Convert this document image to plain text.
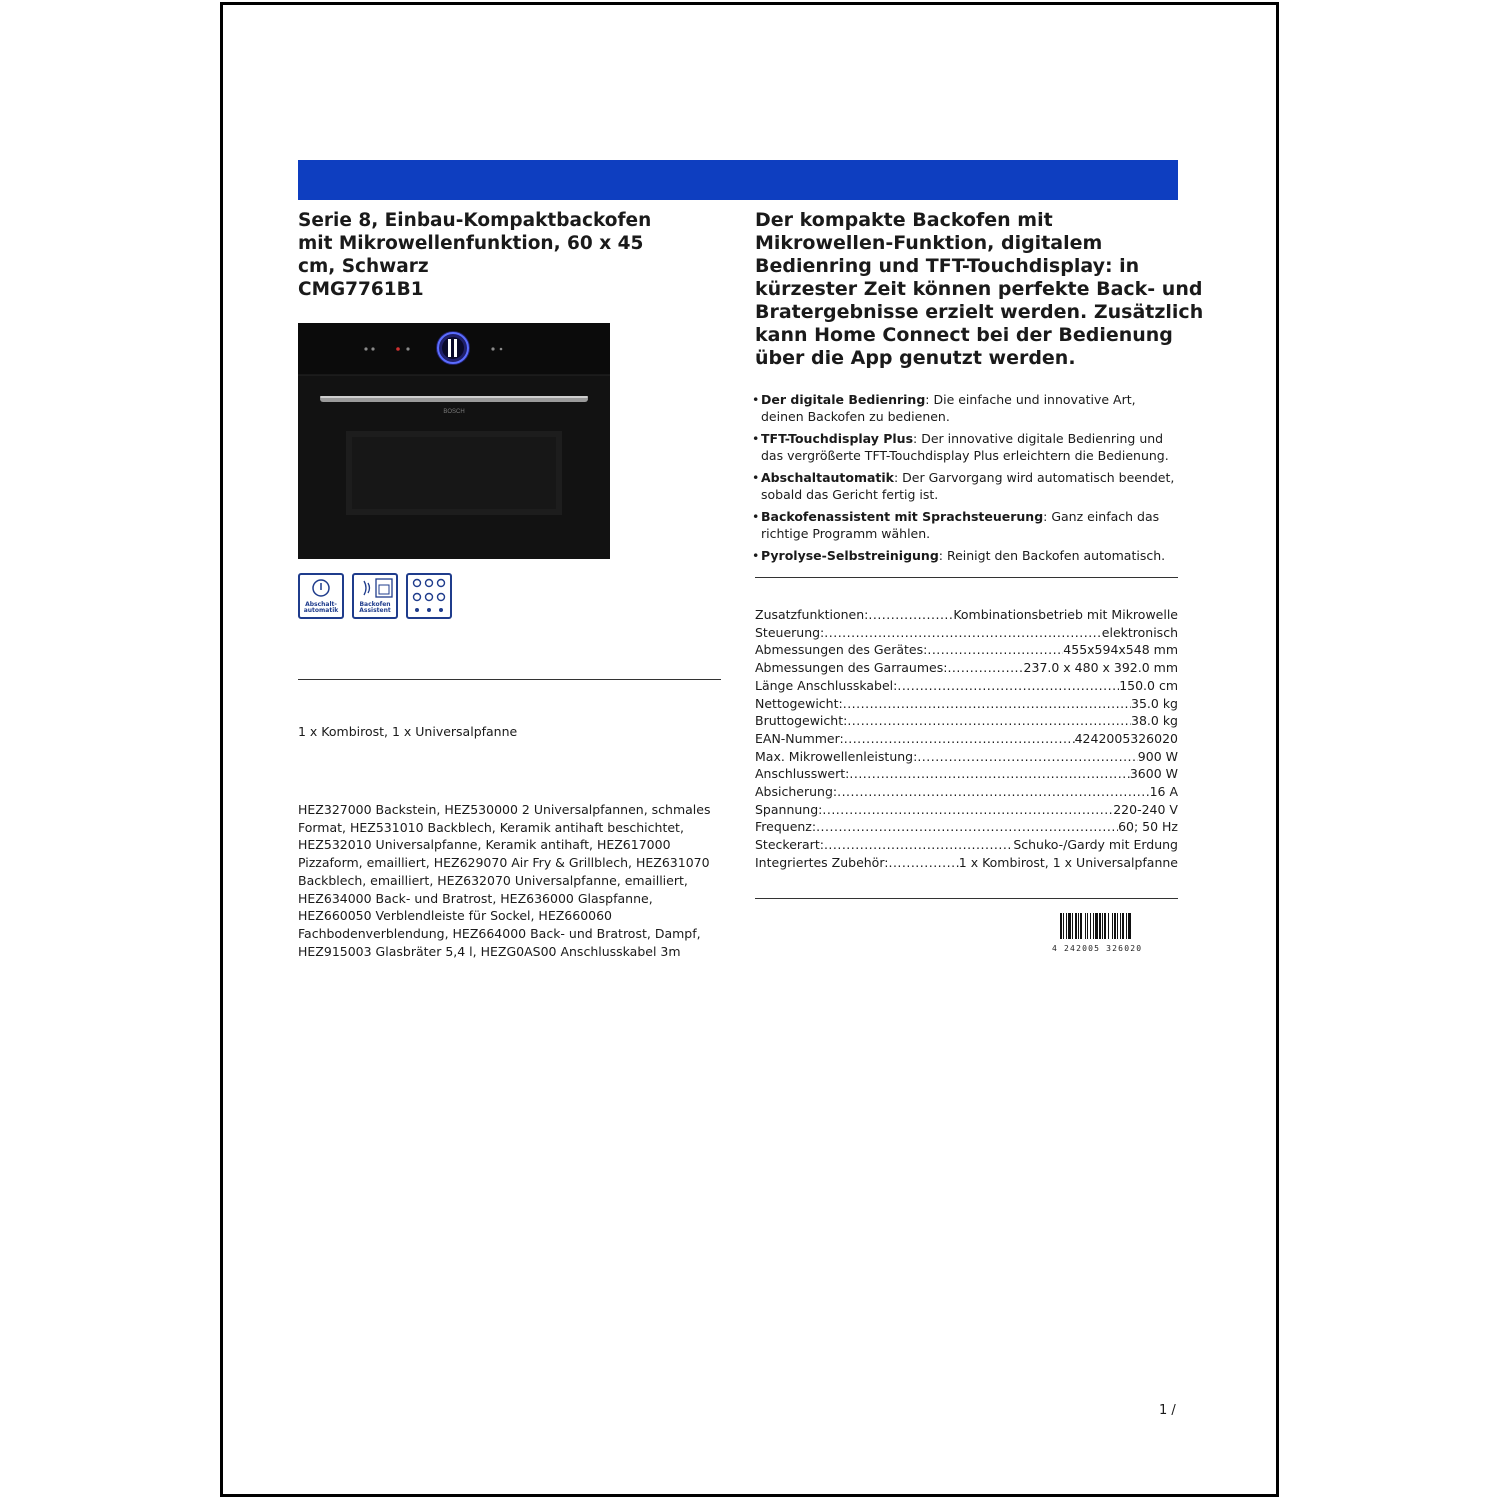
Serie 8, Einbau-Kompaktbackofen
mit Mikrowellenfunktion, 60 x 45
cm, Schwarz
CMG7761B1
Der kompakte Backofen mit
Mikrowellen-Funktion, digitalem
Bedienring und TFT-Touchdisplay: in
kürzester Zeit können perfekte Back- und
Bratergebnisse erzielt werden. Zusätzlich
kann Home Connect bei der Bedienung
über die App genutzt werden.
BOSCH
Abschalt-
automatik
Backofen
Assistent
1 x Kombirost, 1 x Universalpfanne
HEZ327000 Backstein, HEZ530000 2 Universalpfannen, schmales Format, HEZ531010 Backblech, Keramik antihaft beschichtet, HEZ532010 Universalpfanne, Keramik antihaft, HEZ617000 Pizzaform, emailliert, HEZ629070 Air Fry & Grillblech, HEZ631070 Backblech, emailliert, HEZ632070 Universalpfanne, emailliert, HEZ634000 Back- und Bratrost, HEZ636000 Glaspfanne, HEZ660050 Verblendleiste für Sockel, HEZ660060 Fachbodenverblendung, HEZ664000 Back- und Bratrost, Dampf, HEZ915003 Glasbräter 5,4 l, HEZG0AS00 Anschlusskabel 3m
• Der digitale Bedienring: Die einfache und innovative Art, deinen Backofen zu bedienen.
• TFT-Touchdisplay Plus: Der innovative digitale Bedienring und das vergrößerte TFT-Touchdisplay Plus erleichtern die Bedienung.
• Abschaltautomatik: Der Garvorgang wird automatisch beendet, sobald das Gericht fertig ist.
• Backofenassistent mit Sprachsteuerung: Ganz einfach das richtige Programm wählen.
• Pyrolyse-Selbstreinigung: Reinigt den Backofen automatisch.
Zusatzfunktionen: .....	Kombinationsbetrieb mit Mikrowelle
Steuerung: .....	elektronisch
Abmessungen des Gerätes: .....	455x594x548 mm
Abmessungen des Garraumes: .....	237.0 x 480 x 392.0 mm
Länge Anschlusskabel: .....	150.0 cm
Nettogewicht: .....	35.0 kg
Bruttogewicht: .....	38.0 kg
EAN-Nummer: .....	4242005326020
Max. Mikrowellenleistung: .....	900 W
Anschlusswert: .....	3600 W
Absicherung: .....	16 A
Spannung: .....	220-240 V
Frequenz: .....	60; 50 Hz
Steckerart: .....	Schuko-/Gardy mit Erdung
Integriertes Zubehör: .....	1 x Kombirost, 1 x Universalpfanne
4 242005 326020
1 /
